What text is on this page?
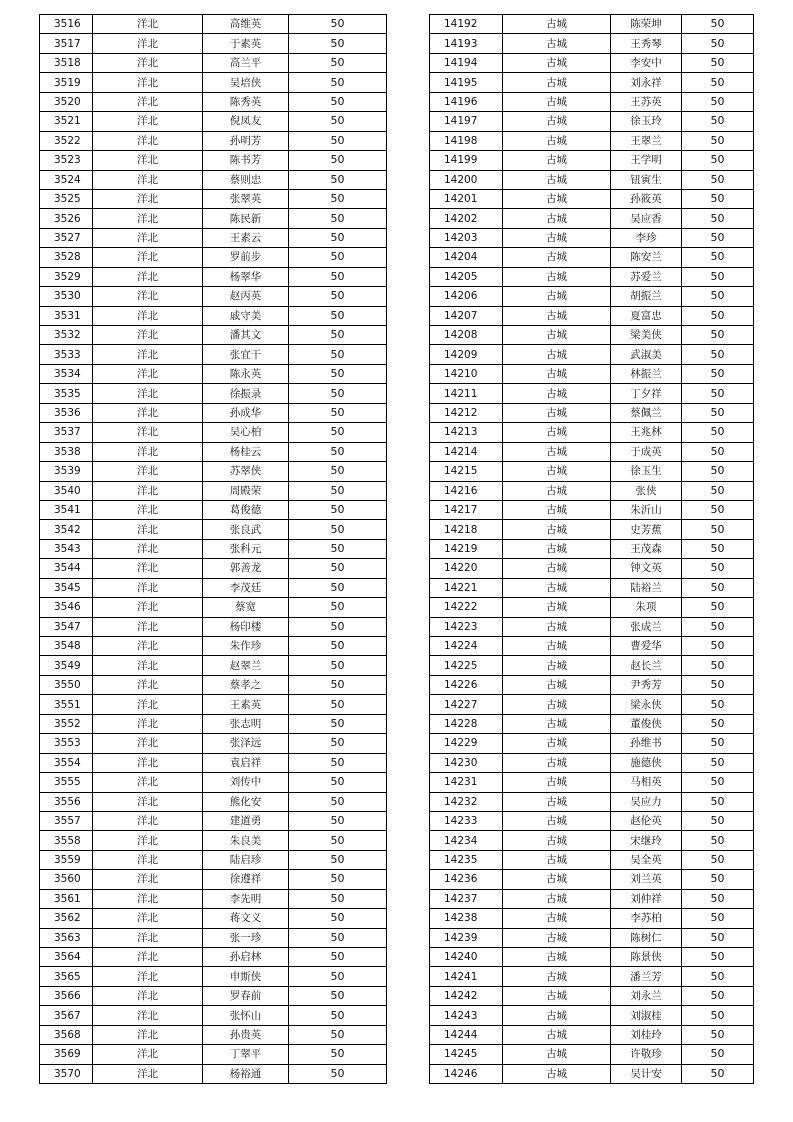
3516	洋北	高维英	50
3517	洋北	于素英	50
3518	洋北	高兰平	50
3519	洋北	吴培侠	50
3520	洋北	陈秀英	50
3521	洋北	倪凤友	50
3522	洋北	孙明芳	50
3523	洋北	陈书芳	50
3524	洋北	蔡则忠	50
3525	洋北	张翠英	50
3526	洋北	陈民新	50
3527	洋北	王素云	50
3528	洋北	罗前步	50
3529	洋北	杨翠华	50
3530	洋北	赵丙英	50
3531	洋北	戚守美	50
3532	洋北	潘其文	50
3533	洋北	张宜干	50
3534	洋北	陈永英	50
3535	洋北	徐振录	50
3536	洋北	孙成华	50
3537	洋北	吴心柏	50
3538	洋北	杨桂云	50
3539	洋北	苏翠侠	50
3540	洋北	周殿荣	50
3541	洋北	葛俊德	50
3542	洋北	张良武	50
3543	洋北	张科元	50
3544	洋北	郭善龙	50
3545	洋北	李茂廷	50
3546	洋北	蔡宽	50
3547	洋北	杨印楼	50
3548	洋北	朱作珍	50
3549	洋北	赵翠兰	50
3550	洋北	蔡孝之	50
3551	洋北	王素英	50
3552	洋北	张志明	50
3553	洋北	张泽远	50
3554	洋北	袁启祥	50
3555	洋北	刘传中	50
3556	洋北	熊化安	50
3557	洋北	建道勇	50
3558	洋北	朱良美	50
3559	洋北	陆启珍	50
3560	洋北	徐遵祥	50
3561	洋北	李先明	50
3562	洋北	蒋文义	50
3563	洋北	张一珍	50
3564	洋北	孙启林	50
3565	洋北	申斯侠	50
3566	洋北	罗春前	50
3567	洋北	张怀山	50
3568	洋北	孙贵英	50
3569	洋北	丁翠平	50
3570	洋北	杨裕通	50
14192	古城	陈荣坤	50
14193	古城	王秀琴	50
14194	古城	李安中	50
14195	古城	刘永祥	50
14196	古城	王苏英	50
14197	古城	徐玉玲	50
14198	古城	王翠兰	50
14199	古城	王学明	50
14200	古城	钮寅生	50
14201	古城	孙筱英	50
14202	古城	吴应香	50
14203	古城	李珍	50
14204	古城	陈安兰	50
14205	古城	苏爱兰	50
14206	古城	胡振兰	50
14207	古城	夏富忠	50
14208	古城	梁美侠	50
14209	古城	武淑美	50
14210	古城	林振兰	50
14211	古城	丁夕祥	50
14212	古城	蔡佩兰	50
14213	古城	王兆林	50
14214	古城	于成英	50
14215	古城	徐玉生	50
14216	古城	张侠	50
14217	古城	朱沂山	50
14218	古城	史芳蕉	50
14219	古城	王茂森	50
14220	古城	钟文英	50
14221	古城	陆裕兰	50
14222	古城	朱项	50
14223	古城	张成兰	50
14224	古城	曹爱华	50
14225	古城	赵长兰	50
14226	古城	尹秀芳	50
14227	古城	梁永侠	50
14228	古城	董俊侠	50
14229	古城	孙维书	50
14230	古城	施德侠	50
14231	古城	马相英	50
14232	古城	吴应力	50
14233	古城	赵伦英	50
14234	古城	宋继玲	50
14235	古城	吴全英	50
14236	古城	刘兰英	50
14237	古城	刘仲祥	50
14238	古城	李苏柏	50
14239	古城	陈树仁	50
14240	古城	陈景侠	50
14241	古城	潘兰芳	50
14242	古城	刘永兰	50
14243	古城	刘淑桂	50
14244	古城	刘桂玲	50
14245	古城	许敬珍	50
14246	古城	吴计安	50
